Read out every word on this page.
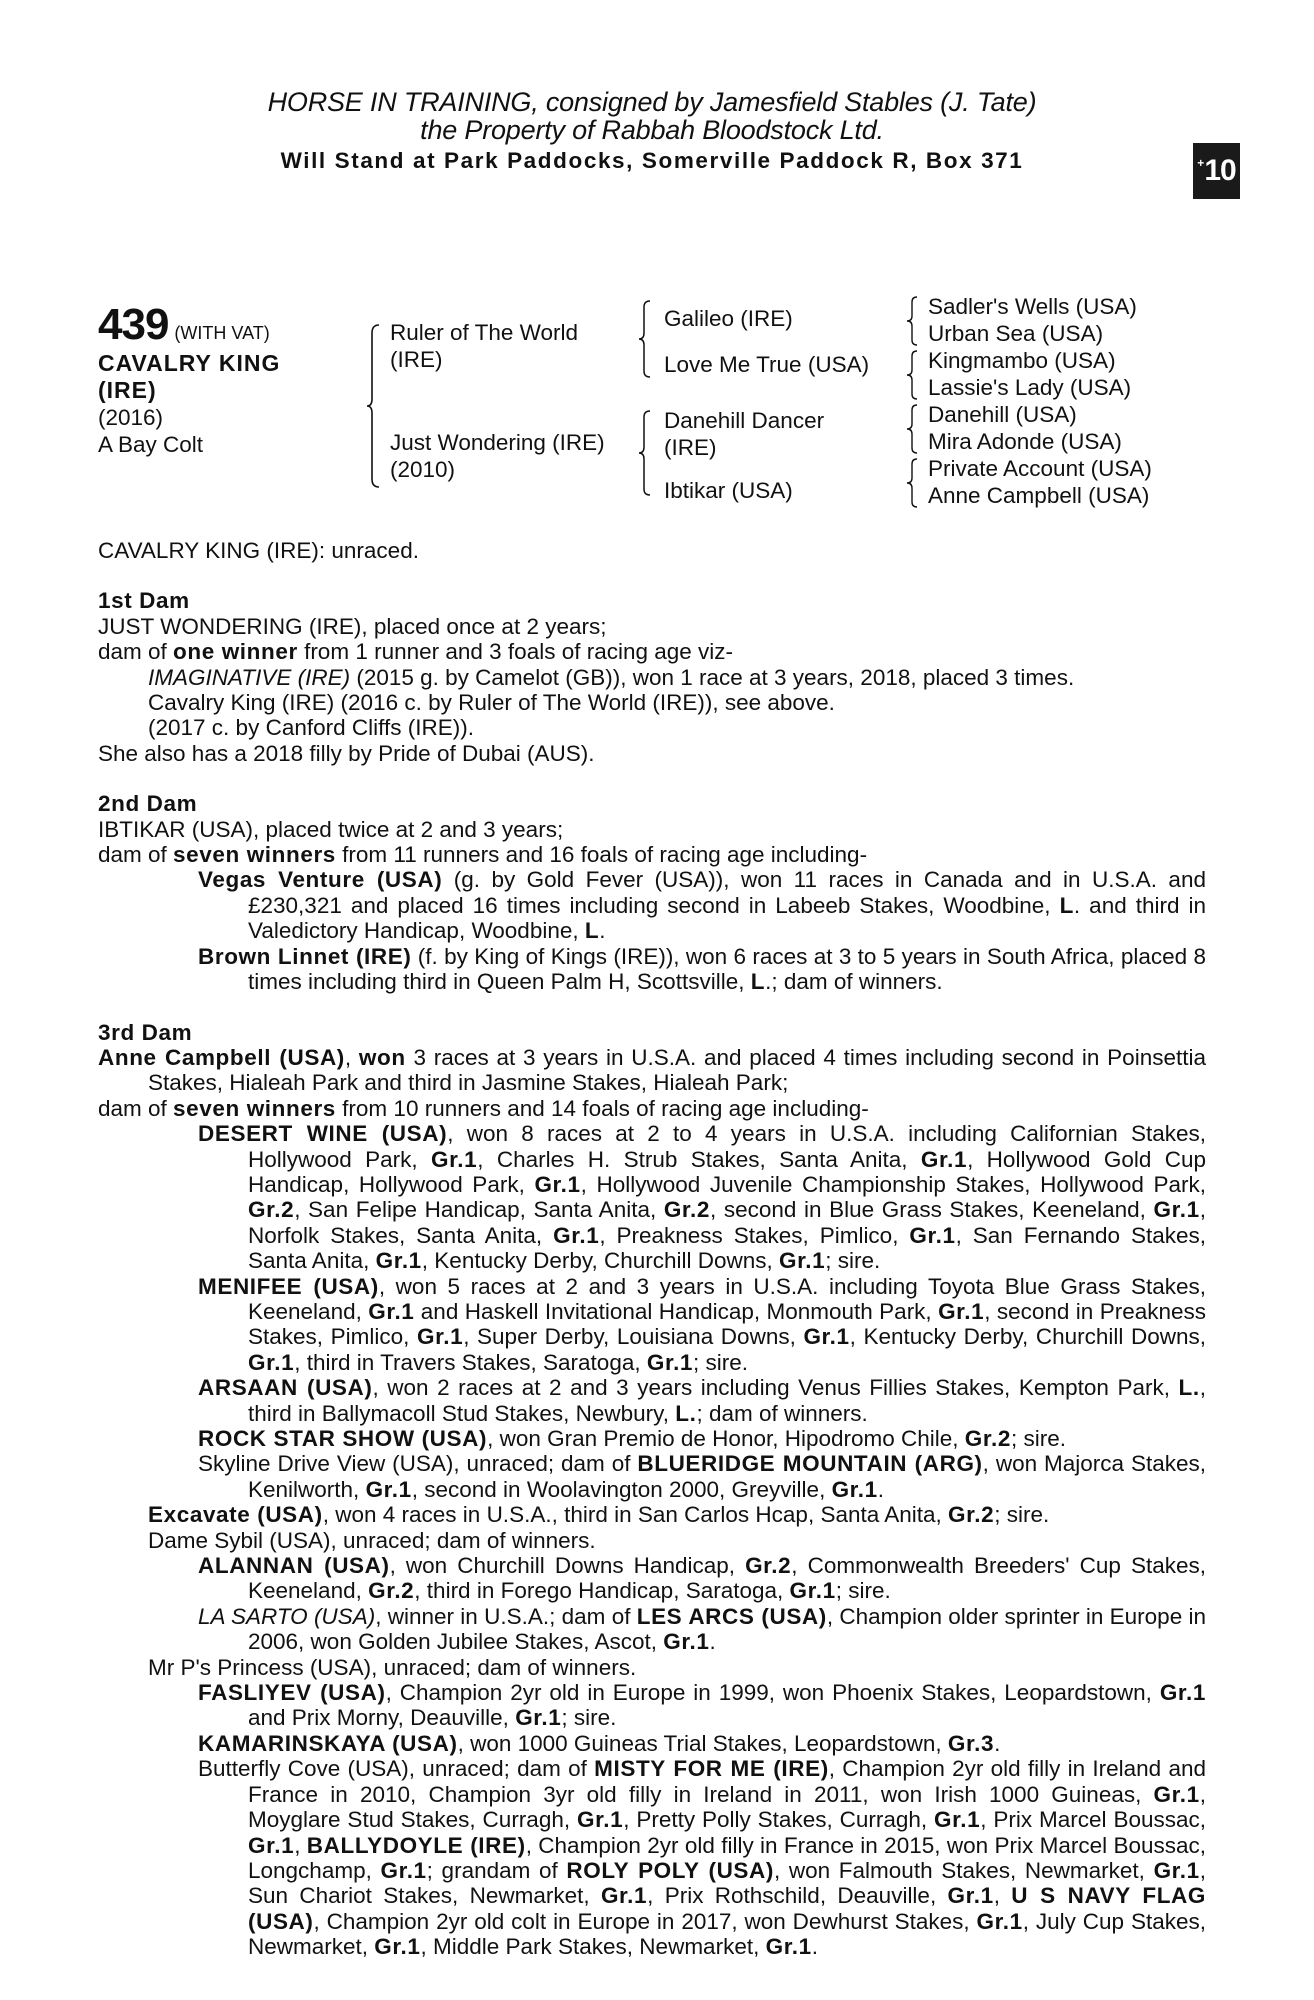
HORSE IN TRAINING, consigned by Jamesfield Stables (J. Tate)
the Property of Rabbah Bloodstock Ltd.
Will Stand at Park Paddocks, Somerville Paddock R, Box 371	+ 10
439 (WITH VAT)
CAVALRY KING
(IRE)
(2016)
A Bay Colt
Ruler of The World
(IRE)
Just Wondering (IRE)
(2010)
Galileo (IRE)
Love Me True (USA)
Danehill Dancer
(IRE)
Ibtikar (USA)
Sadler's Wells (USA)
Urban Sea (USA)
Kingmambo (USA)
Lassie's Lady (USA)
Danehill (USA)
Mira Adonde (USA)
Private Account (USA)
Anne Campbell (USA)
CAVALRY KING (IRE): unraced.
1st Dam
JUST WONDERING (IRE), placed once at 2 years;
dam of one winner from 1 runner and 3 foals of racing age viz-
IMAGINATIVE (IRE) (2015 g. by Camelot (GB)), won 1 race at 3 years, 2018, placed 3 times.
Cavalry King (IRE) (2016 c. by Ruler of The World (IRE)), see above.
(2017 c. by Canford Cliffs (IRE)).
She also has a 2018 filly by Pride of Dubai (AUS).
2nd Dam
IBTIKAR (USA), placed twice at 2 and 3 years;
dam of seven winners from 11 runners and 16 foals of racing age including-
Vegas Venture (USA) (g. by Gold Fever (USA)), won 11 races in Canada and in U.S.A. and £230,321 and placed 16 times including second in Labeeb Stakes, Woodbine, L. and third in Valedictory Handicap, Woodbine, L.
Brown Linnet (IRE) (f. by King of Kings (IRE)), won 6 races at 3 to 5 years in South Africa, placed 8 times including third in Queen Palm H, Scottsville, L.; dam of winners.
3rd Dam
Anne Campbell (USA), won 3 races at 3 years in U.S.A. and placed 4 times including second in Poinsettia Stakes, Hialeah Park and third in Jasmine Stakes, Hialeah Park;
dam of seven winners from 10 runners and 14 foals of racing age including-
DESERT WINE (USA), won 8 races at 2 to 4 years in U.S.A. including Californian Stakes, Hollywood Park, Gr.1, Charles H. Strub Stakes, Santa Anita, Gr.1, Hollywood Gold Cup Handicap, Hollywood Park, Gr.1, Hollywood Juvenile Championship Stakes, Hollywood Park, Gr.2, San Felipe Handicap, Santa Anita, Gr.2, second in Blue Grass Stakes, Keeneland, Gr.1, Norfolk Stakes, Santa Anita, Gr.1, Preakness Stakes, Pimlico, Gr.1, San Fernando Stakes, Santa Anita, Gr.1, Kentucky Derby, Churchill Downs, Gr.1; sire.
MENIFEE (USA), won 5 races at 2 and 3 years in U.S.A. including Toyota Blue Grass Stakes, Keeneland, Gr.1 and Haskell Invitational Handicap, Monmouth Park, Gr.1, second in Preakness Stakes, Pimlico, Gr.1, Super Derby, Louisiana Downs, Gr.1, Kentucky Derby, Churchill Downs, Gr.1, third in Travers Stakes, Saratoga, Gr.1; sire.
ARSAAN (USA), won 2 races at 2 and 3 years including Venus Fillies Stakes, Kempton Park, L., third in Ballymacoll Stud Stakes, Newbury, L.; dam of winners.
ROCK STAR SHOW (USA), won Gran Premio de Honor, Hipodromo Chile, Gr.2; sire.
Skyline Drive View (USA), unraced; dam of BLUERIDGE MOUNTAIN (ARG), won Majorca Stakes, Kenilworth, Gr.1, second in Woolavington 2000, Greyville, Gr.1.
Excavate (USA), won 4 races in U.S.A., third in San Carlos Hcap, Santa Anita, Gr.2; sire.
Dame Sybil (USA), unraced; dam of winners.
ALANNAN (USA), won Churchill Downs Handicap, Gr.2, Commonwealth Breeders' Cup Stakes, Keeneland, Gr.2, third in Forego Handicap, Saratoga, Gr.1; sire.
LA SARTO (USA), winner in U.S.A.; dam of LES ARCS (USA), Champion older sprinter in Europe in 2006, won Golden Jubilee Stakes, Ascot, Gr.1.
Mr P's Princess (USA), unraced; dam of winners.
FASLIYEV (USA), Champion 2yr old in Europe in 1999, won Phoenix Stakes, Leopardstown, Gr.1 and Prix Morny, Deauville, Gr.1; sire.
KAMARINSKAYA (USA), won 1000 Guineas Trial Stakes, Leopardstown, Gr.3.
Butterfly Cove (USA), unraced; dam of MISTY FOR ME (IRE), Champion 2yr old filly in Ireland and France in 2010, Champion 3yr old filly in Ireland in 2011, won Irish 1000 Guineas, Gr.1, Moyglare Stud Stakes, Curragh, Gr.1, Pretty Polly Stakes, Curragh, Gr.1, Prix Marcel Boussac, Gr.1, BALLYDOYLE (IRE), Champion 2yr old filly in France in 2015, won Prix Marcel Boussac, Longchamp, Gr.1; grandam of ROLY POLY (USA), won Falmouth Stakes, Newmarket, Gr.1, Sun Chariot Stakes, Newmarket, Gr.1, Prix Rothschild, Deauville, Gr.1, U S NAVY FLAG (USA), Champion 2yr old colt in Europe in 2017, won Dewhurst Stakes, Gr.1, July Cup Stakes, Newmarket, Gr.1, Middle Park Stakes, Newmarket, Gr.1.
